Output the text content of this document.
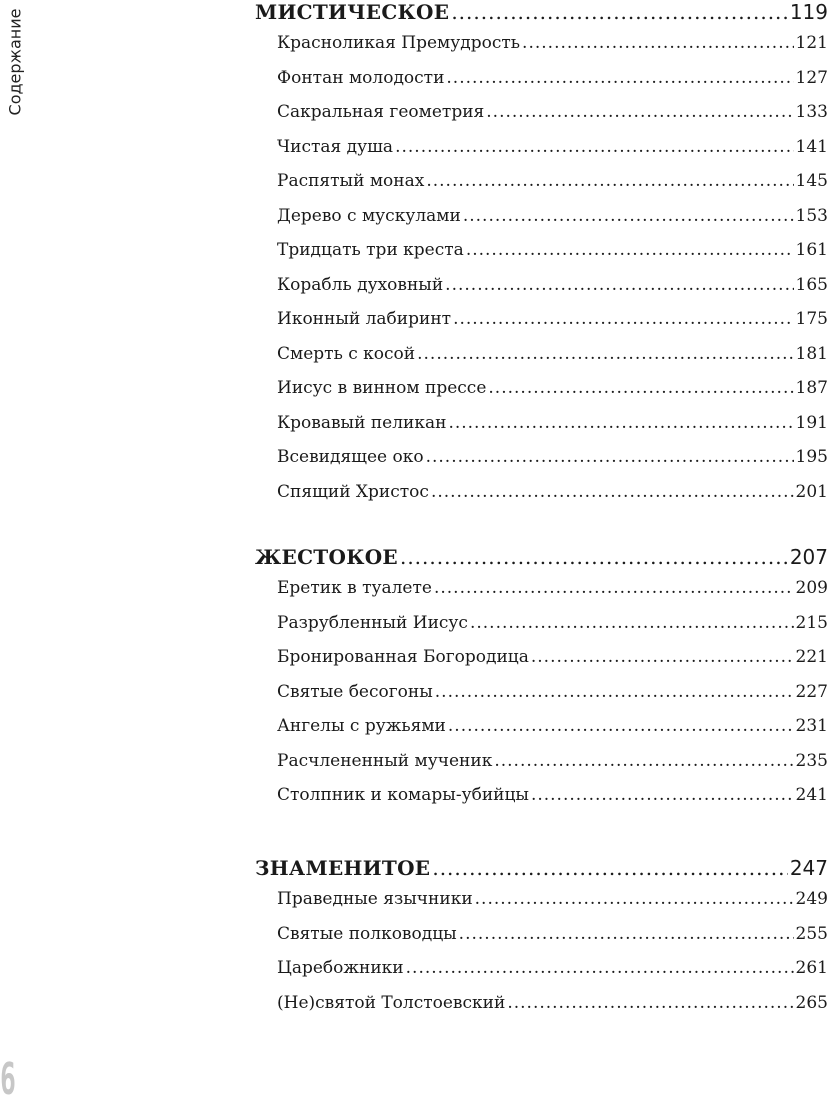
Содержание	МИСТИЧЕСКОЕ .....	119
Красноликая Премудрость .....	121
Фонтан молодости .....	127
Сакральная геометрия .....	133
Чистая душа .....	141
Распятый монах .....	145
Дерево с мускулами .....	153
Тридцать три креста .....	161
Корабль духовный .....	165
Иконный лабиринт .....	175
Смерть с косой .....	181
Иисус в винном прессе .....	187
Кровавый пеликан .....	191
Всевидящее око .....	195
Спящий Христос .....	201
ЖЕСТОКОЕ .....	207
Еретик в туалете .....	209
Разрубленный Иисус .....	215
Бронированная Богородица .....	221
Святые бесогоны .....	227
Ангелы с ружьями .....	231
Расчлененный мученик .....	235
Столпник и комары-убийцы .....	241
ЗНАМЕНИТОЕ .....	247
Праведные язычники .....	249
Святые полководцы .....	255
Царебожники .....	261
(Не)святой Толстоевский .....	265
6
